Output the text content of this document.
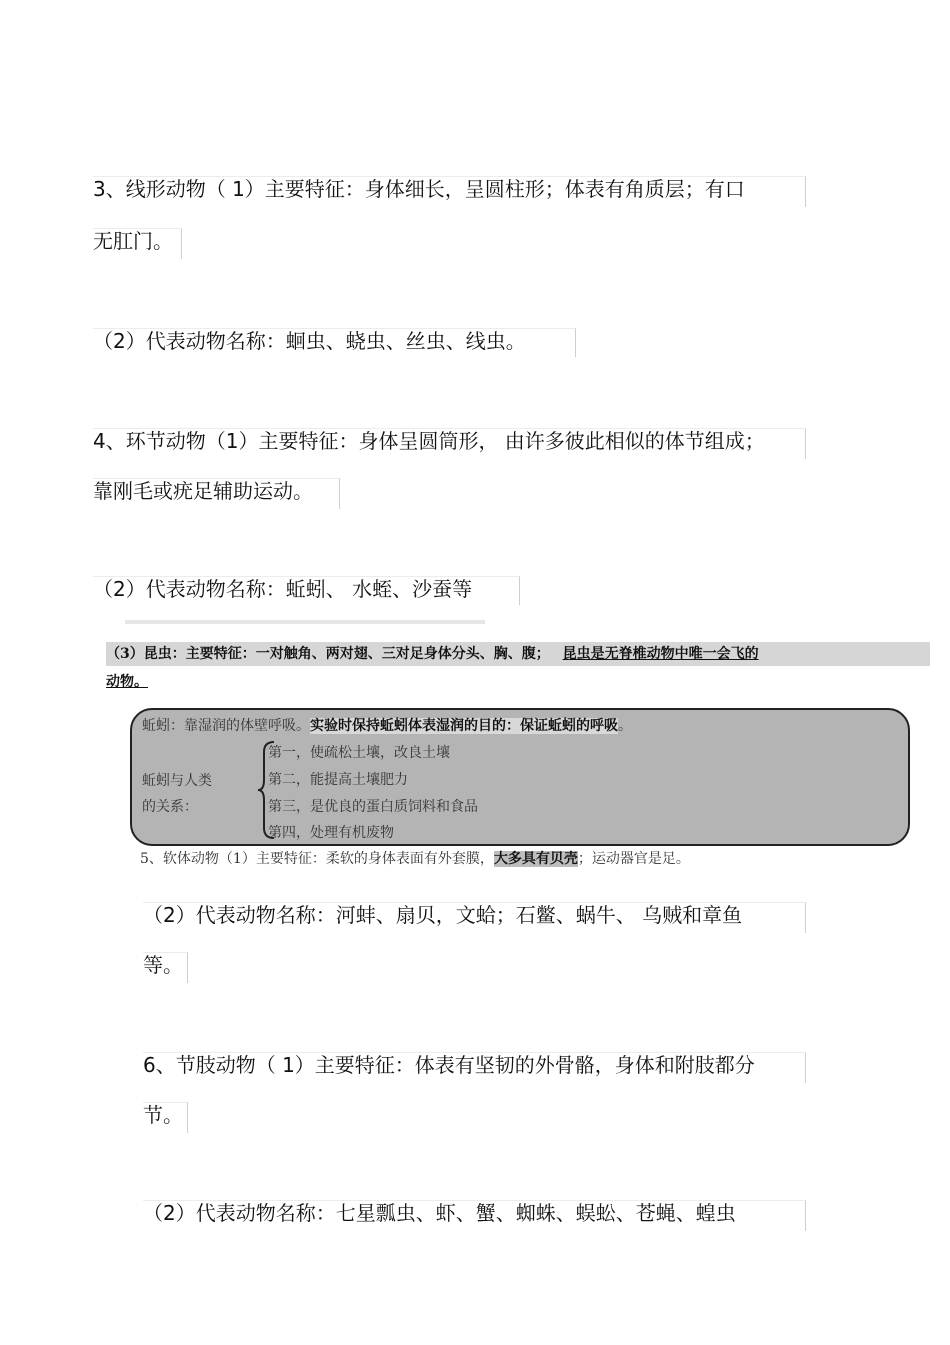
3、线形动物（ 1）主要特征：身体细长，呈圆柱形；体表有角质层；有口
无肛门。
（2）代表动物名称：蛔虫、蛲虫、丝虫、线虫。
4、环节动物（1）主要特征：身体呈圆筒形， 由许多彼此相似的体节组成；
靠刚毛或疣足辅助运动。
（2）代表动物名称：蚯蚓、 水蛭、沙蚕等
（3）昆虫：主要特征：一对触角、两对翅、三对足身体分头、胸、腹； 昆虫是无脊椎动物中唯一会飞的
动物。
蚯蚓：靠湿润的体壁呼吸。实验时保持蚯蚓体表湿润的目的：保证蚯蚓的呼吸。
蚯蚓与人类
的关系：
第一，使疏松土壤，改良土壤
第二，能提高土壤肥力
第三，是优良的蛋白质饲料和食品
第四，处理有机废物
5、软体动物（1）主要特征：柔软的身体表面有外套膜，大多具有贝壳；运动器官是足。
（2）代表动物名称：河蚌、扇贝，文蛤；石鳖、蜗牛、 乌贼和章鱼
等。
6、节肢动物（ 1）主要特征：体表有坚韧的外骨骼，身体和附肢都分
节。
（2）代表动物名称：七星瓢虫、虾、蟹、蜘蛛、蜈蚣、苍蝇、蝗虫
